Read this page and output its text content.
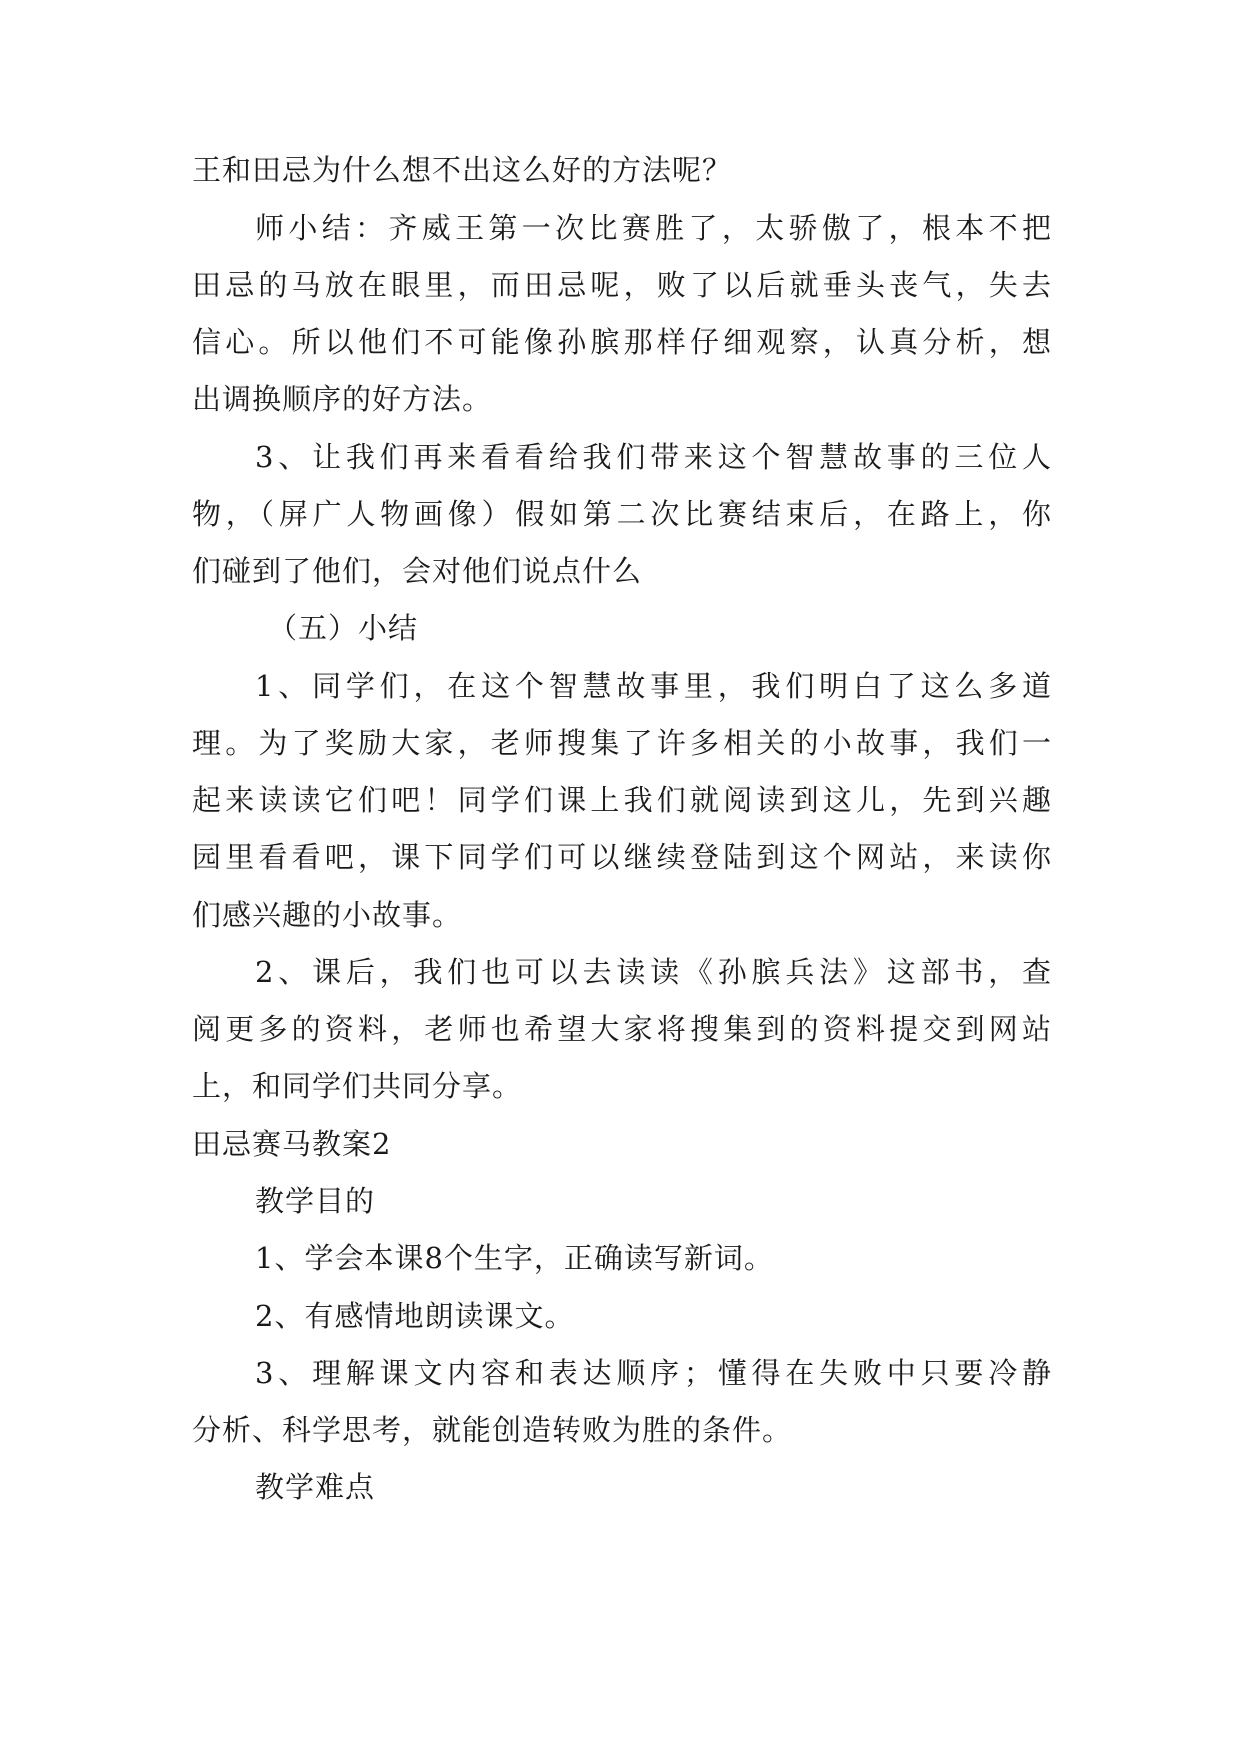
王和田忌为什么想不出这么好的方法呢？

师小结：齐威王第一次比赛胜了，太骄傲了，根本不把

田忌的马放在眼里，而田忌呢，败了以后就垂头丧气，失去

信心。所以他们不可能像孙膑那样仔细观察，认真分析，想

出调换顺序的好方法。

3、让我们再来看看给我们带来这个智慧故事的三位人

物，（屏广人物画像）假如第二次比赛结束后，在路上，你

们碰到了他们，会对他们说点什么

（五）小结

1、同学们，在这个智慧故事里，我们明白了这么多道

理。为了奖励大家，老师搜集了许多相关的小故事，我们一

起来读读它们吧！同学们课上我们就阅读到这儿，先到兴趣

园里看看吧，课下同学们可以继续登陆到这个网站，来读你

们感兴趣的小故事。

2、课后，我们也可以去读读《孙膑兵法》这部书，查

阅更多的资料，老师也希望大家将搜集到的资料提交到网站

上，和同学们共同分享。

田忌赛马教案2

教学目的

1、学会本课8个生字，正确读写新词。

2、有感情地朗读课文。

3、理解课文内容和表达顺序；懂得在失败中只要冷静

分析、科学思考，就能创造转败为胜的条件。

教学难点
